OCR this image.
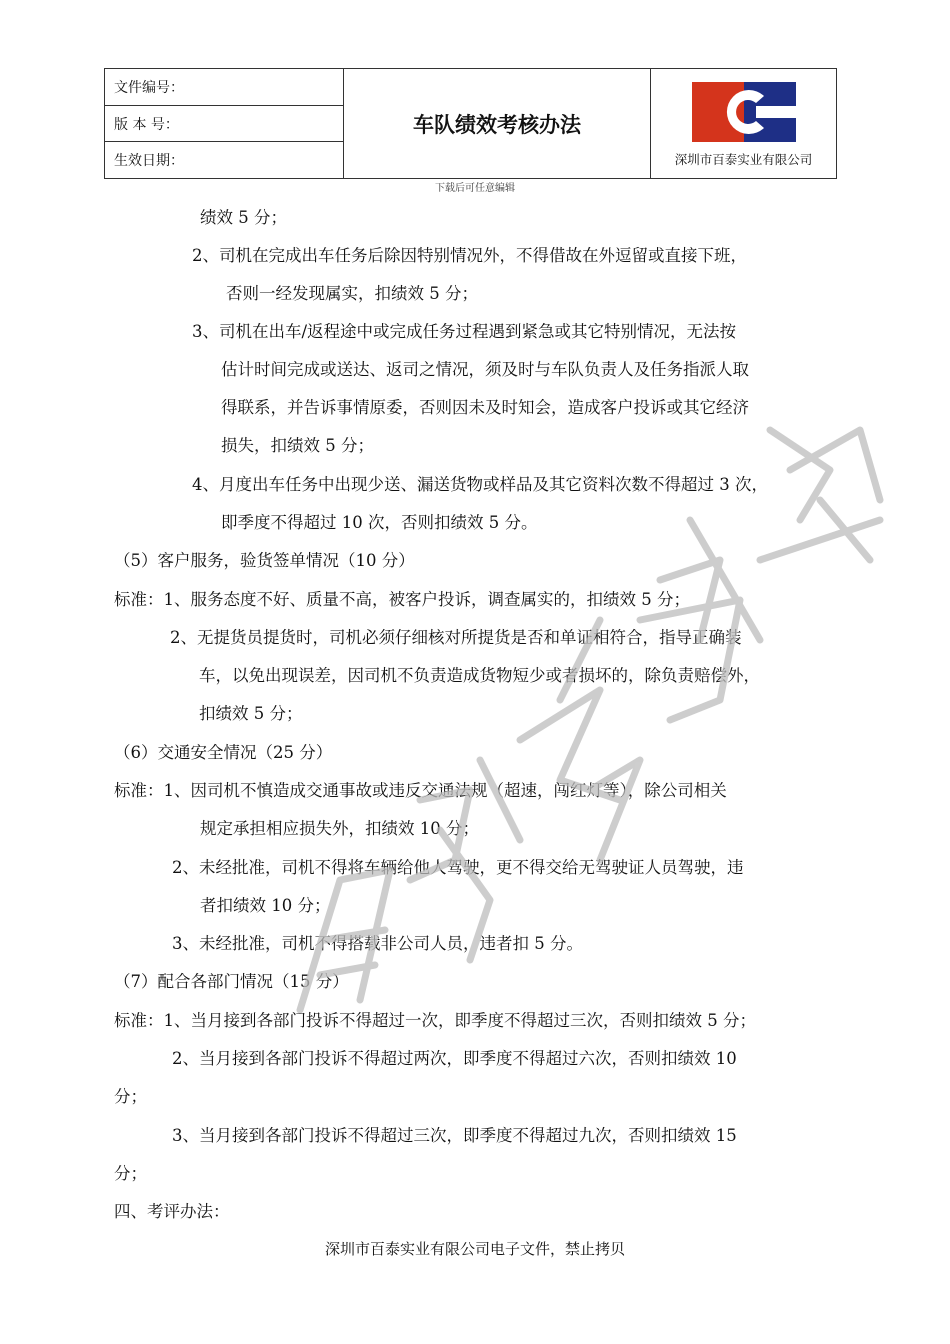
文件编号：
版 本 号：
生效日期：
车队绩效考核办法
深圳市百泰实业有限公司
下载后可任意编辑
绩效 5 分；
2、司机在完成出车任务后除因特别情况外，不得借故在外逗留或直接下班，
否则一经发现属实，扣绩效 5 分；
3、司机在出车/返程途中或完成任务过程遇到紧急或其它特别情况，无法按
估计时间完成或送达、返司之情况，须及时与车队负责人及任务指派人取
得联系，并告诉事情原委，否则因未及时知会，造成客户投诉或其它经济
损失，扣绩效 5 分；
4、月度出车任务中出现少送、漏送货物或样品及其它资料次数不得超过 3 次，
即季度不得超过 10 次，否则扣绩效 5 分。
（5）客户服务，验货签单情况（10 分）
标准：1、服务态度不好、质量不高，被客户投诉，调查属实的，扣绩效 5 分；
2、无提货员提货时，司机必须仔细核对所提货是否和单证相符合，指导正确装
车，以免出现误差，因司机不负责造成货物短少或者损坏的，除负责赔偿外，
扣绩效 5 分；
（6）交通安全情况（25 分）
标准：1、因司机不慎造成交通事故或违反交通法规（超速，闯红灯等），除公司相关
规定承担相应损失外，扣绩效 10 分；
2、未经批准，司机不得将车辆给他人驾驶，更不得交给无驾驶证人员驾驶，违
者扣绩效 10 分；
3、未经批准，司机不得搭载非公司人员，违者扣 5 分。
（7）配合各部门情况（15 分）
标准：1、当月接到各部门投诉不得超过一次，即季度不得超过三次，否则扣绩效 5 分；
2、当月接到各部门投诉不得超过两次，即季度不得超过六次，否则扣绩效 10
分；
3、当月接到各部门投诉不得超过三次，即季度不得超过九次，否则扣绩效 15
分；
四、考评办法：
深圳市百泰实业有限公司电子文件，禁止拷贝
